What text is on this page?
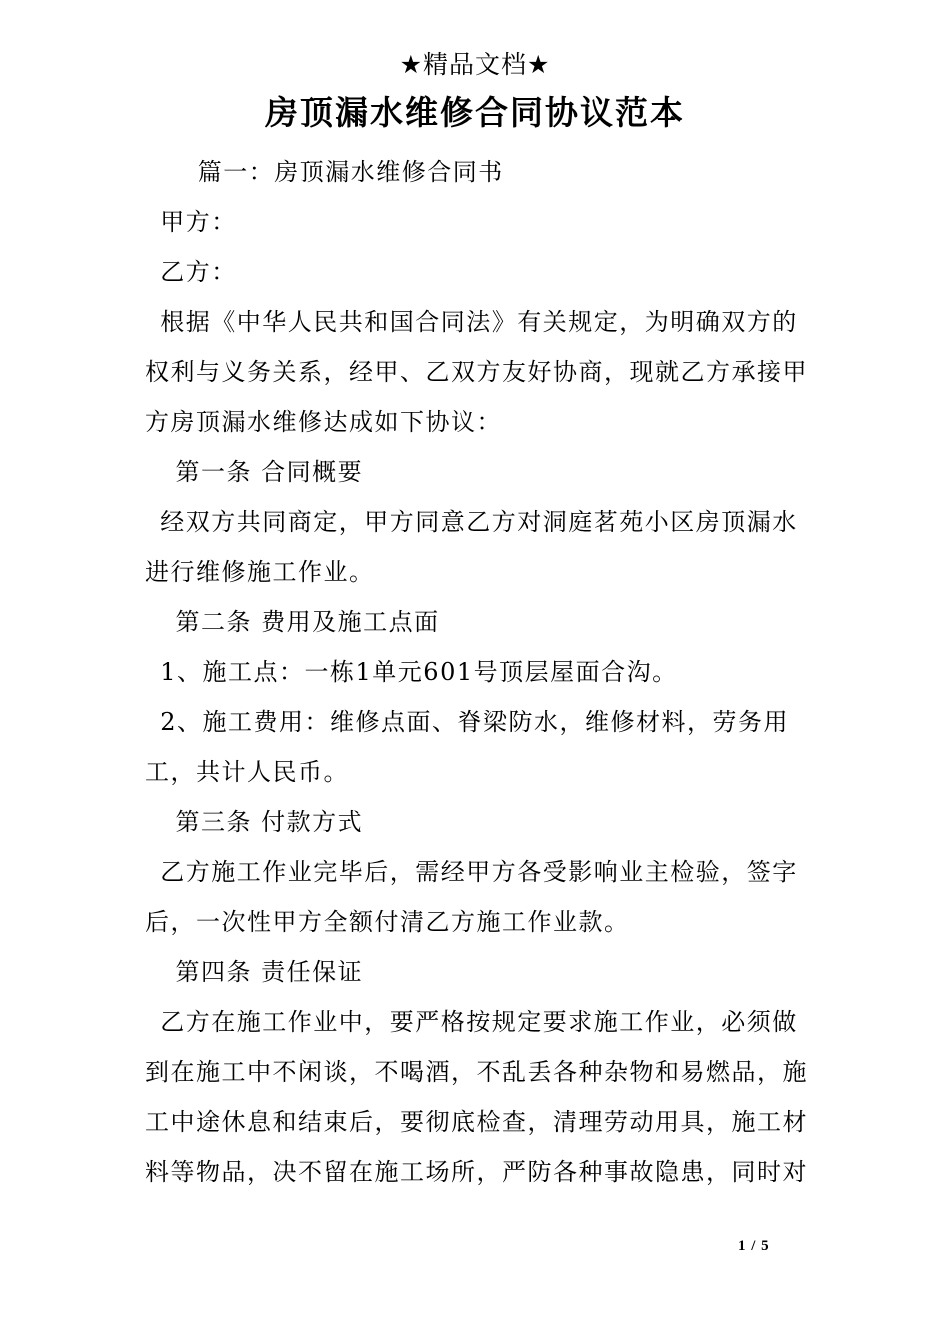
★精品文档★
房顶漏水维修合同协议范本

篇一：房顶漏水维修合同书

甲方：

乙方：

根据《中华人民共和国合同法》有关规定，为明确双方的权利与义务关系，经甲、乙双方友好协商，现就乙方承接甲方房顶漏水维修达成如下协议：

第一条 合同概要

经双方共同商定，甲方同意乙方对洞庭茗苑小区房顶漏水进行维修施工作业。

第二条 费用及施工点面

1、施工点：一栋1单元601号顶层屋面合沟。

2、施工费用：维修点面、脊梁防水，维修材料，劳务用工，共计人民币。

第三条 付款方式

乙方施工作业完毕后，需经甲方各受影响业主检验，签字后，一次性甲方全额付清乙方施工作业款。

第四条 责任保证

乙方在施工作业中，要严格按规定要求施工作业，必须做到在施工中不闲谈，不喝酒，不乱丢各种杂物和易燃品，施工中途休息和结束后，要彻底检查，清理劳动用具，施工材料等物品，决不留在施工场所，严防各种事故隐患，同时对

1 / 5
